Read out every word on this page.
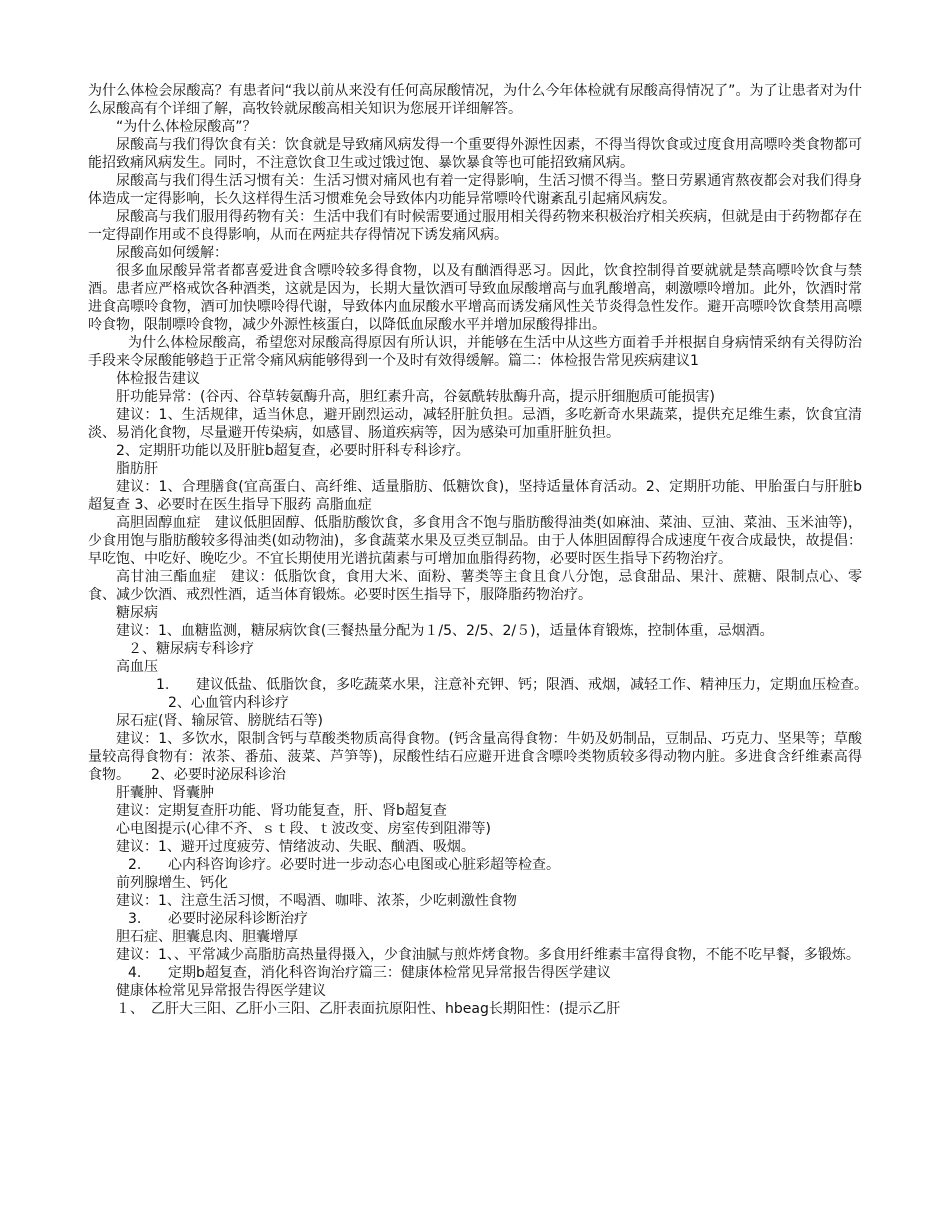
为什么体检会尿酸高？有患者问“我以前从来没有任何高尿酸情况，为什么今年体检就有尿酸高得情况了”。为了让患者对为什么尿酸高有个详细了解，高牧铃就尿酸高相关知识为您展开详细解答。

“为什么体检尿酸高”？

尿酸高与我们得饮食有关：饮食就是导致痛风病发得一个重要得外源性因素，不得当得饮食或过度食用高嘌呤类食物都可能招致痛风病发生。同时，不注意饮食卫生或过饿过饱、暴饮暴食等也可能招致痛风病。

尿酸高与我们得生活习惯有关：生活习惯对痛风也有着一定得影响，生活习惯不得当。整日劳累通宵熬夜都会对我们得身体造成一定得影响，长久这样得生活习惯难免会导致体内功能异常嘌呤代谢紊乱引起痛风病发。

尿酸高与我们服用得药物有关：生活中我们有时候需要通过服用相关得药物来积极治疗相关疾病，但就是由于药物都存在一定得副作用或不良得影响，从而在两症共存得情况下诱发痛风病。

尿酸高如何缓解：

很多血尿酸异常者都喜爱进食含嘌呤较多得食物，以及有酗酒得恶习。因此，饮食控制得首要就就是禁高嘌呤饮食与禁酒。患者应严格戒饮各种酒类，这就是因为，长期大量饮酒可导致血尿酸增高与血乳酸增高，刺激嘌呤增加。此外，饮酒时常进食高嘌呤食物，酒可加快嘌呤得代谢，导致体内血尿酸水平增高而诱发痛风性关节炎得急性发作。避开高嘌呤饮食禁用高嘌呤食物，限制嘌呤食物，减少外源性核蛋白，以降低血尿酸水平并增加尿酸得排出。

为什么体检尿酸高，希望您对尿酸高得原因有所认识，并能够在生活中从这些方面着手并根据自身病情采纳有关得防治手段来令尿酸能够趋于正常令痛风病能够得到一个及时有效得缓解。篇二：体检报告常见疾病建议1

体检报告建议

肝功能异常：(谷丙、谷草转氨酶升高，胆红素升高，谷氨酰转肽酶升高，提示肝细胞质可能损害)

建议：1、生活规律，适当休息，避开剧烈运动，减轻肝脏负担。忌酒，多吃新奇水果蔬菜，提供充足维生素，饮食宜清淡、易消化食物，尽量避开传染病，如感冒、肠道疾病等，因为感染可加重肝脏负担。

2、定期肝功能以及肝脏b超复查，必要时肝科专科诊疗。

脂肪肝

建议：1、合理膳食(宜高蛋白、高纤维、适量脂肪、低糖饮食)，坚持适量体育活动。2、定期肝功能、甲胎蛋白与肝脏b超复查 3、必要时在医生指导下服药 高脂血症

高胆固醇血症　建议低胆固醇、低脂肪酸饮食，多食用含不饱与脂肪酸得油类(如麻油、菜油、豆油、菜油、玉米油等)，少食用饱与脂肪酸较多得油类(如动物油)，多食蔬菜水果及豆类豆制品。由于人体胆固醇得合成速度午夜合成最快，故提倡：早吃饱、中吃好、晚吃少。不宜长期使用光谱抗菌素与可增加血脂得药物，必要时医生指导下药物治疗。

高甘油三酯血症　建议：低脂饮食，食用大米、面粉、薯类等主食且食八分饱，忌食甜品、果汁、蔗糖、限制点心、零食、减少饮酒、戒烈性酒，适当体育锻炼。必要时医生指导下，服降脂药物治疗。

糖尿病

建议：1、血糖监测，糖尿病饮食(三餐热量分配为１/5、2/5、2/５)，适量体育锻炼，控制体重，忌烟酒。

２、糖尿病专科诊疗

高血压

1.	建议低盐、低脂饮食，多吃蔬菜水果，注意补充钾、钙；限酒、戒烟，减轻工作、精神压力，定期血压检查。　　2、心血管内科诊疗

尿石症(肾、输尿管、膀胱结石等)

建议：1、多饮水，限制含钙与草酸类物质高得食物。(钙含量高得食物：牛奶及奶制品，豆制品、巧克力、坚果等；草酸量较高得食物有：浓茶、番茄、菠菜、芦笋等)，尿酸性结石应避开进食含嘌呤类物质较多得动物内脏。多进食含纤维素高得食物。　　2、必要时泌尿科诊治

肝囊肿、肾囊肿

建议：定期复查肝功能、肾功能复查，肝、肾b超复查

心电图提示(心律不齐、ｓｔ段、ｔ波改变、房室传到阻滞等)

建议：1、避开过度疲劳、情绪波动、失眠、酗酒、吸烟。

2.	心内科咨询诊疗。必要时进一步动态心电图或心脏彩超等检查。

前列腺增生、钙化

建议：1、注意生活习惯，不喝酒、咖啡、浓茶，少吃刺激性食物

3.	必要时泌尿科诊断治疗

胆石症、胆囊息肉、胆囊增厚

建议：1、、平常减少高脂肪高热量得摄入，少食油腻与煎炸烤食物。多食用纤维素丰富得食物，不能不吃早餐，多锻炼。

4.	定期b超复查，消化科咨询治疗篇三：健康体检常见异常报告得医学建议

健康体检常见异常报告得医学建议

１、　乙肝大三阳、乙肝小三阳、乙肝表面抗原阳性、hbeag长期阳性：(提示乙肝
